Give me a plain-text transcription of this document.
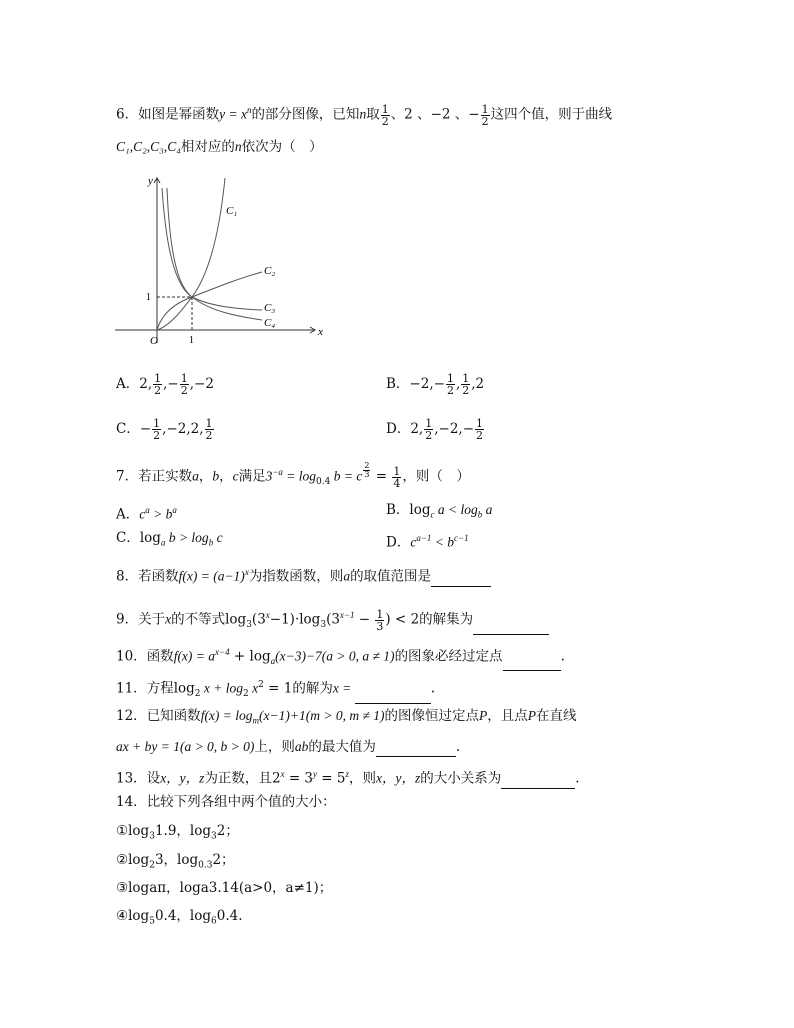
6．如图是幂函数$y = x^n$的部分图像，已知n取 $\frac{1}{2}$ 、2 、−2 、− $\frac{1}{2}$ 这四个值，则于曲线
C₁,C₂,C₃,C₄相对应的n依次为（　）
y
x
O	1
1
C₁
C₂
C₃
C₄
A．2, $\frac{1}{2}$ ,− $\frac{1}{2} ,-2$	B．$-2,- \frac{1}{2}$ , $\frac{1}{2} ,2$
C．− $\frac{1}{2} ,-2,2$, $\frac{1}{2}$	D．2, $\frac{1}{2} ,-2,- \frac{1}{2}$
7．若正实数a，b，c满足$3^{-a} = \log_{0.4} b = c$ $^{\frac{2}{3}} = \frac{1}{4}$ ，则（　）
A．$c^a > b^a$	B．$\log_c a < \log_b a$
C．$\log_a b > \log_b c$	D．$c^{a-1} < b^{c-1}$
8．若函数$f(x) = (a-1)^x$为指数函数，则a的取值范围是
9．关于x的不等式$\log_3(3^x-1)\cdot\log_3(3^{x-1} - \frac{1}{3}$ ) < 2的解集为
10．函数$f(x) = a^{x-4} + \log_a(x-3)-7(a > 0$, a ≠ 1)的图象必经过定点	.
11．方程$\log_2 x + \log_2 x^2 = 1$的解为x =	.
12．已知函数$f(x) = \log_m(x-1)+1(m > 0$, m ≠ 1)的图像恒过定点P，且点P在直线
ax + by = 1(a > 0, b > 0)上，则ab的最大值为	.
13．设x，y，z为正数，且$2^x = 3^y = 5^z$，则x，y，z的大小关系为	.
14．比较下列各组中两个值的大小：
$①\log_31.9$，$\log_32$；
$②\log_23$，$\log_{0.3}2$；
③logaπ，loga3.14(a>0，a≠1)；
$④\log_50.4$，$\log_60.4$.
